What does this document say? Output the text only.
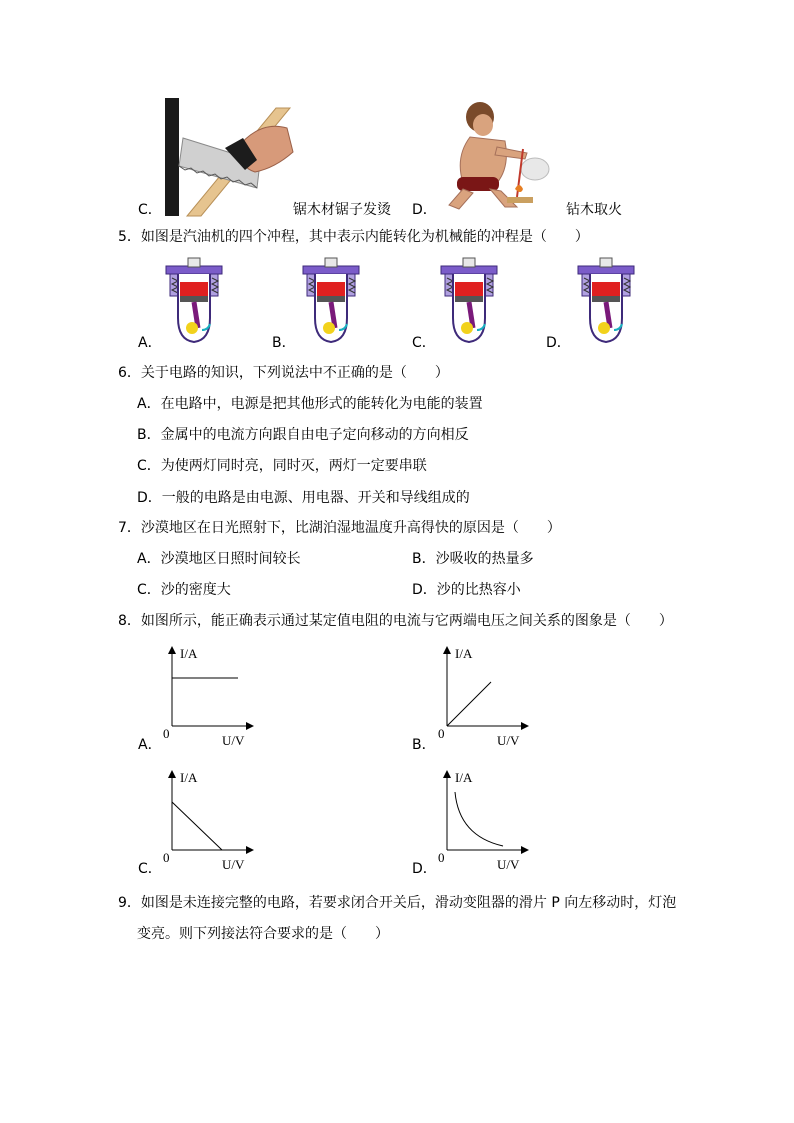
C．	锯木材锯子发烫 D．	钻木取火
5．如图是汽油机的四个冲程，其中表示内能转化为机械能的冲程是（　　）
A．	B．	C．	D．
6．关于电路的知识，下列说法中不正确的是（　　）
A．在电路中，电源是把其他形式的能转化为电能的装置
B．金属中的电流方向跟自由电子定向移动的方向相反
C．为使两灯同时亮，同时灭，两灯一定要串联
D．一般的电路是由电源、用电器、开关和导线组成的
7．沙漠地区在日光照射下，比湖泊湿地温度升高得快的原因是（　　）
A．沙漠地区日照时间较长	B．沙吸收的热量多
C．沙的密度大	D．沙的比热容小
8．如图所示，能正确表示通过某定值电阻的电流与它两端电压之间关系的图象是（　　）
I/A
0	U/V
A．
I/A
0	U/V
B．
I/A
0	U/V
C．
I/A
0	U/V
D．
9．如图是未连接完整的电路，若要求闭合开关后，滑动变阻器的滑片 P 向左移动时，灯泡
变亮。则下列接法符合要求的是（　　）
